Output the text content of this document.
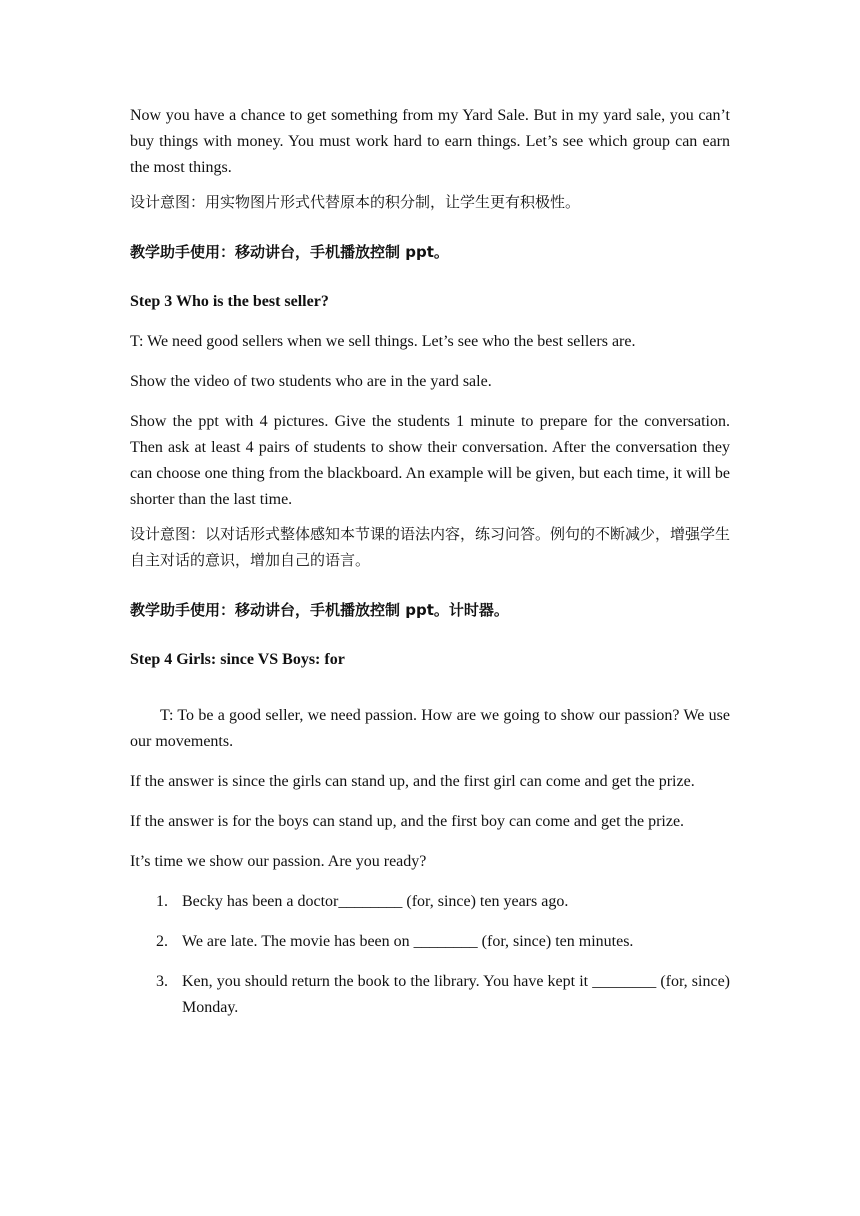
Now you have a chance to get something from my Yard Sale. But in my yard sale, you can’t buy things with money. You must work hard to earn things. Let’s see which group can earn the most things.

设计意图：用实物图片形式代替原本的积分制，让学生更有积极性。

教学助手使用：移动讲台，手机播放控制 ppt。

Step 3 Who is the best seller?

T: We need good sellers when we sell things. Let’s see who the best sellers are.

Show the video of two students who are in the yard sale.

Show the ppt with 4 pictures. Give the students 1 minute to prepare for the conversation. Then ask at least 4 pairs of students to show their conversation. After the conversation they can choose one thing from the blackboard. An example will be given, but each time, it will be shorter than the last time.

设计意图：以对话形式整体感知本节课的语法内容，练习问答。例句的不断减少，增强学生自主对话的意识，增加自己的语言。

教学助手使用：移动讲台，手机播放控制 ppt。计时器。

Step 4 Girls: since VS Boys: for

T: To be a good seller, we need passion. How are we going to show our passion? We use our movements.

If the answer is since the girls can stand up, and the first girl can come and get the prize.

If the answer is for the boys can stand up, and the first boy can come and get the prize.

It’s time we show our passion. Are you ready?

1. Becky has been a doctor________ (for, since) ten years ago.
2. We are late. The movie has been on ________ (for, since) ten minutes.
3. Ken, you should return the book to the library. You have kept it ________ (for, since) Monday.
